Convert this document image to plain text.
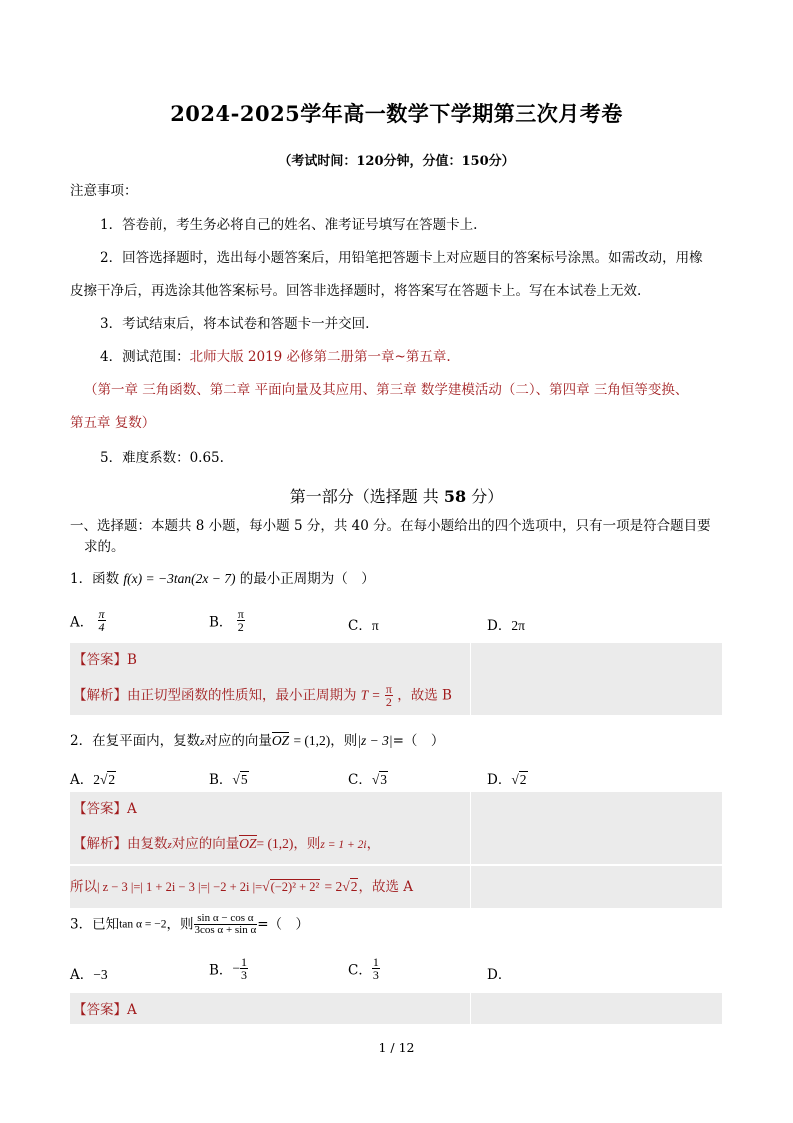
2024-2025学年高一数学下学期第三次月考卷
（考试时间：120分钟，分值：150分）
注意事项：
1．答卷前，考生务必将自己的姓名、准考证号填写在答题卡上.
2．回答选择题时，选出每小题答案后，用铅笔把答题卡上对应题目的答案标号涂黑。如需改动，用橡
皮擦干净后，再选涂其他答案标号。回答非选择题时，将答案写在答题卡上。写在本试卷上无效.
3．考试结束后，将本试卷和答题卡一并交回.
4．测试范围：北师大版 2019 必修第二册第一章~第五章.
（第一章 三角函数、第二章 平面向量及其应用、第三章 数学建模活动（二）、第四章 三角恒等变换、
第五章 复数）
5．难度系数：0.65.
第一部分（选择题 共 58 分）
一、选择题：本题共 8 小题，每小题 5 分，共 40 分。在每小题给出的四个选项中，只有一项是符合题目要
求的。
1．函数 f(x) = −3tan(2x − 7) 的最小正周期为（　）
A． $\frac{\pi}{4}$	B． $\frac{\pi}{2}$	C．π	D．2π
【答案】B
【解析】由正切型函数的性质知，最小正周期为 $T = \frac{\pi}{2}$ ，故选 B
2．在复平面内，复数z对应的向量OZ = (1,2)，则|z − 3|=（　）
A．2√2	B．√5	C．√3	D．√2
【答案】A
【解析】由复数z对应的向量OZ= (1,2)，则z = 1 + 2i，
所以| z − 3 |=| 1 + 2i − 3 |=| −2 + 2i |=√(−2)² + 2² = 2√2，故选 A
3．已知tan α = −2，则 $\frac{\text{sin α − cos α}}{\text{3cos α + sin α}}$ =（　）
A．−3	B．− $\frac{1}{3}$	C． $\frac{1}{3}$	D．
【答案】A
1 / 12
